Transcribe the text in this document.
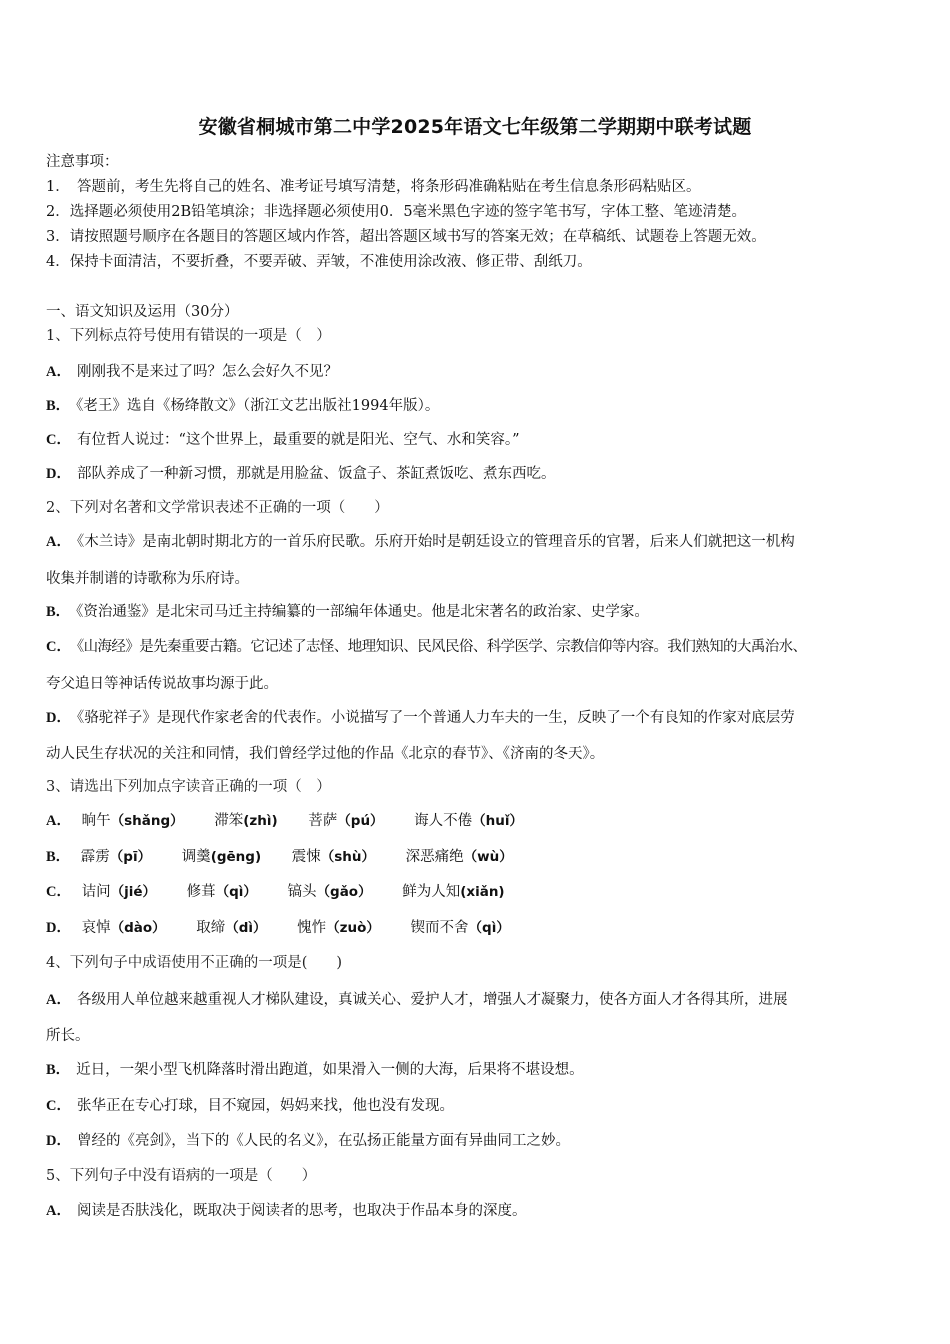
安徽省桐城市第二中学2025年语文七年级第二学期期中联考试题
注意事项：
1．　答题前，考生先将自己的姓名、准考证号填写清楚，将条形码准确粘贴在考生信息条形码粘贴区。
2．选择题必须使用2B铅笔填涂；非选择题必须使用0．5毫米黑色字迹的签字笔书写，字体工整、笔迹清楚。
3．请按照题号顺序在各题目的答题区域内作答，超出答题区域书写的答案无效；在草稿纸、试题卷上答题无效。
4．保持卡面清洁，不要折叠，不要弄破、弄皱，不准使用涂改液、修正带、刮纸刀。
一、语文知识及运用（30分）
1、下列标点符号使用有错误的一项是（　）
A． 刚刚我不是来过了吗？怎么会好久不见？
B． 《老王》选自《杨绛散文》（浙江文艺出版社1994年版）。
C． 有位哲人说过：“这个世界上，最重要的就是阳光、空气、水和笑容。”
D． 部队养成了一种新习惯，那就是用脸盆、饭盒子、茶缸煮饭吃、煮东西吃。
2、下列对名著和文学常识表述不正确的一项（　　）
A． 《木兰诗》是南北朝时期北方的一首乐府民歌。乐府开始时是朝廷设立的管理音乐的官署，后来人们就把这一机构
收集并制谱的诗歌称为乐府诗。
B． 《资治通鉴》是北宋司马迁主持编纂的一部编年体通史。他是北宋著名的政治家、史学家。
C． 《山海经》是先秦重要古籍。它记述了志怪、地理知识、民风民俗、科学医学、宗教信仰等内容。我们熟知的大禹治水、
夸父追日等神话传说故事均源于此。
D． 《骆驼祥子》是现代作家老舍的代表作。小说描写了一个普通人力车夫的一生，反映了一个有良知的作家对底层劳
动人民生存状况的关注和同情，我们曾经学过他的作品《北京的春节》、《济南的冬天》。
3、请选出下列加点字读音正确的一项（　）
A． 晌午（shǎng） 滞笨(zhì) 菩萨（pú） 诲人不倦（huǐ）
B． 霹雳（pī） 调羹(gēng) 震悚（shù） 深恶痛绝（wù）
C． 诘问（jié） 修葺（qì） 镐头（gǎo） 鲜为人知(xiǎn)
D． 哀悼（dào） 取缔（dì） 愧怍（zuò） 锲而不舍（qì）
4、下列句子中成语使用不正确的一项是(　　)
A． 各级用人单位越来越重视人才梯队建设，真诚关心、爱护人才，增强人才凝聚力，使各方面人才各得其所，进展
所长。
B． 近日，一架小型飞机降落时滑出跑道，如果滑入一侧的大海，后果将不堪设想。
C． 张华正在专心打球，目不窥园，妈妈来找，他也没有发现。
D． 曾经的《亮剑》，当下的《人民的名义》，在弘扬正能量方面有异曲同工之妙。
5、下列句子中没有语病的一项是（　　）
A． 阅读是否肤浅化，既取决于阅读者的思考，也取决于作品本身的深度。
